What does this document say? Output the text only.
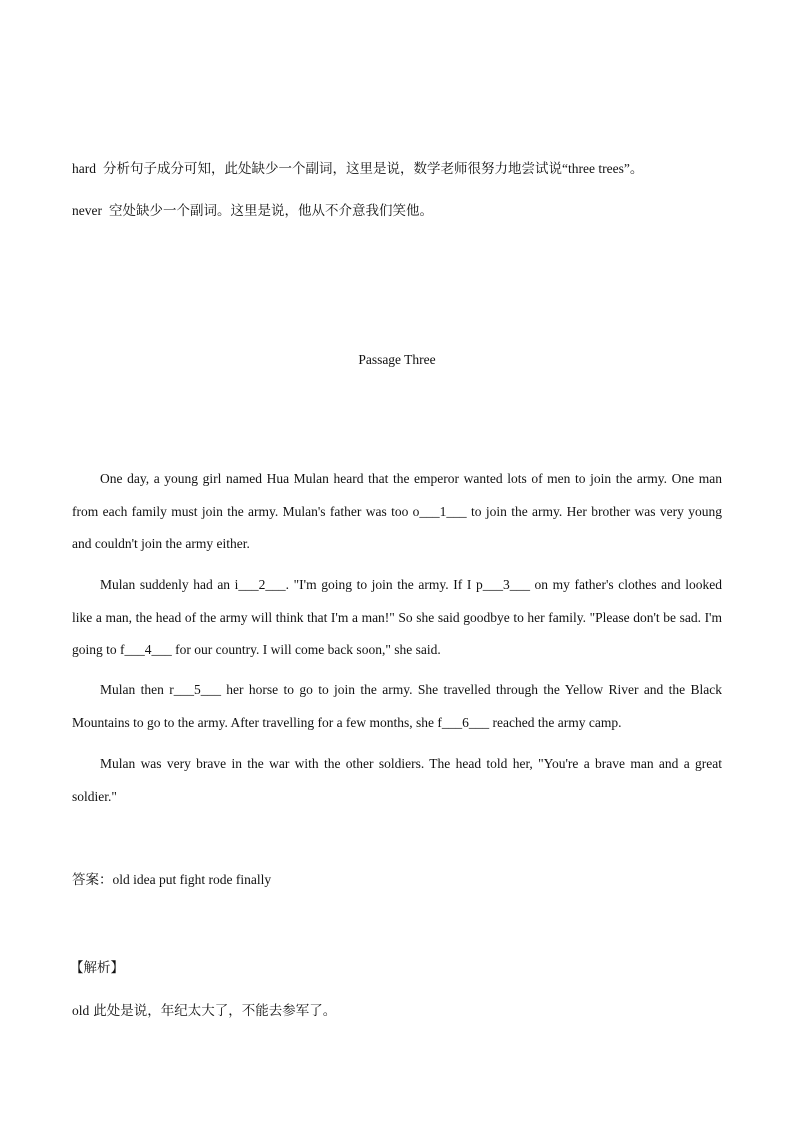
hard 分析句子成分可知，此处缺少一个副词，这里是说，数学老师很努力地尝试说“three trees”。
never 空处缺少一个副词。这里是说，他从不介意我们笑他。
Passage Three
One day, a young girl named Hua Mulan heard that the emperor wanted lots of men to join the army. One man from each family must join the army. Mulan's father was too o___1___ to join the army. Her brother was very young and couldn't join the army either.
Mulan suddenly had an i___2___. "I'm going to join the army. If I p___3___ on my father's clothes and looked like a man, the head of the army will think that I'm a man!" So she said goodbye to her family. "Please don't be sad. I'm going to f___4___ for our country. I will come back soon," she said.
Mulan then r___5___ her horse to go to join the army. She travelled through the Yellow River and the Black Mountains to go to the army. After travelling for a few months, she f___6___ reached the army camp.
Mulan was very brave in the war with the other soldiers. The head told her, "You're a brave man and a great soldier."
答案：old idea put fight rode finally
【解析】
old 此处是说，年纪太大了，不能去参军了。
